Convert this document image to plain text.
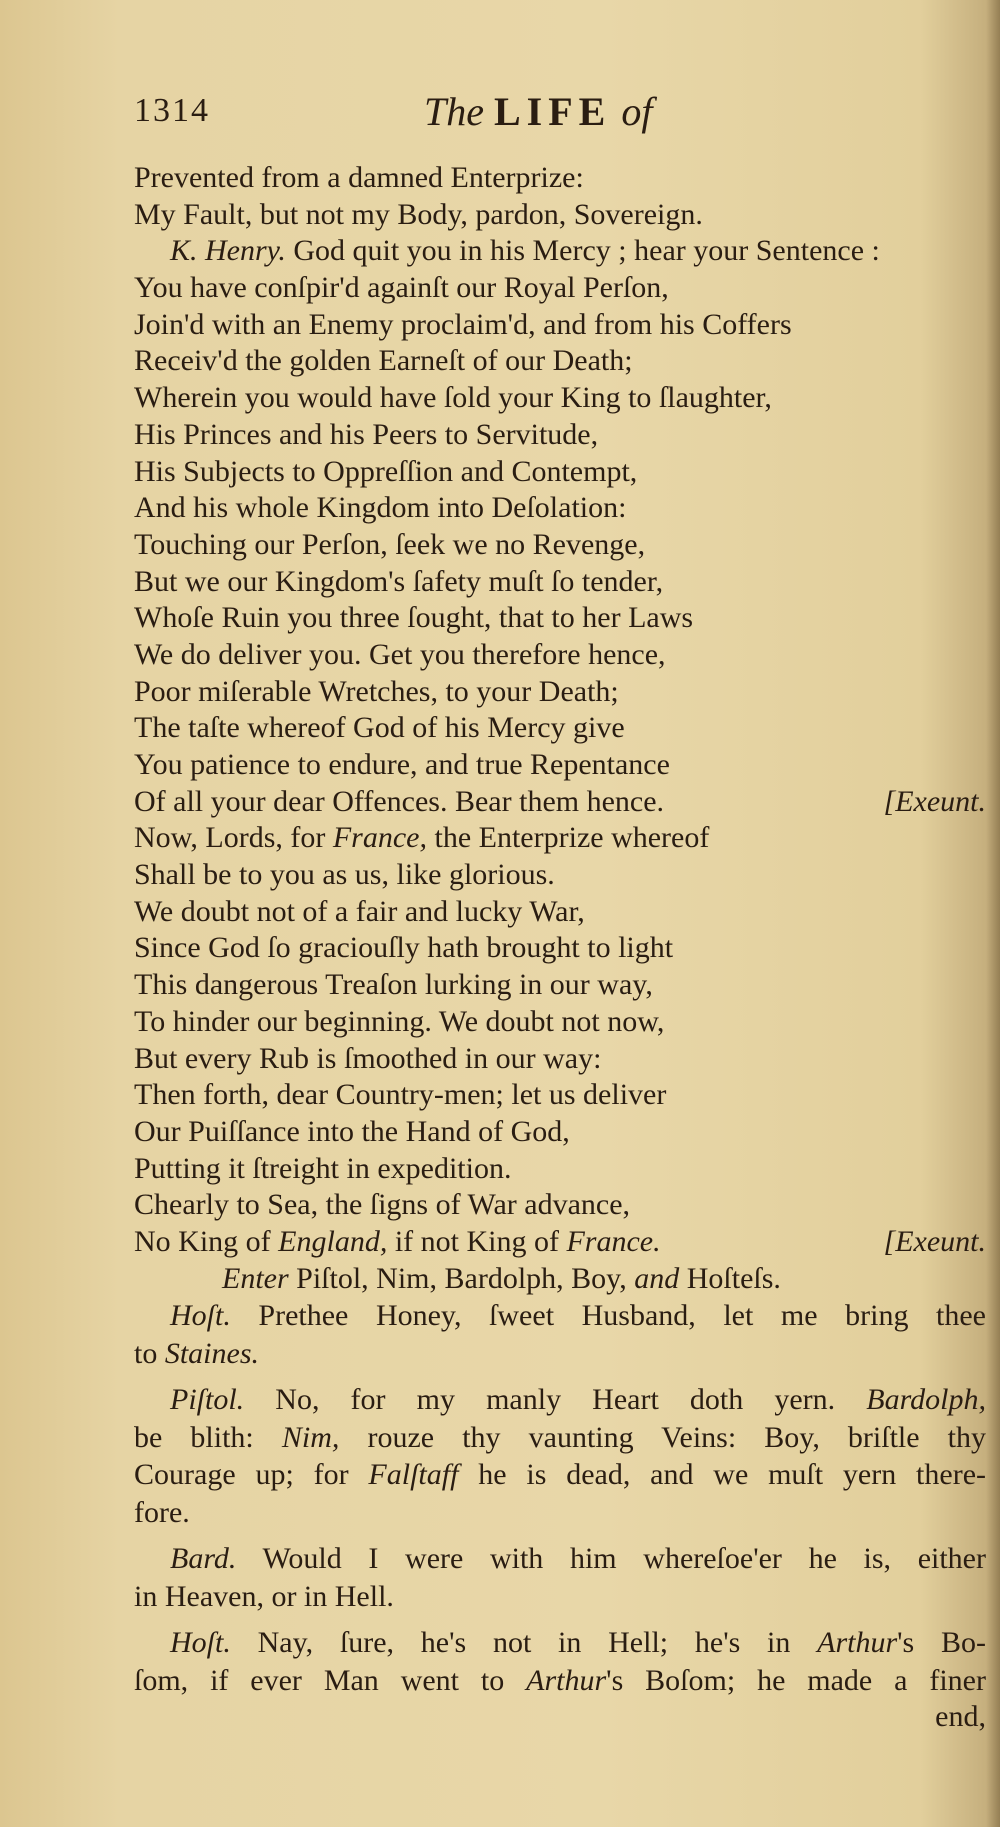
1314	The LIFE of
Prevented from a damned Enterprize:
My Fault, but not my Body, pardon, Sovereign.
K. Henry. God quit you in his Mercy ; hear your Sentence :
You have conſpir'd againſt our Royal Perſon,
Join'd with an Enemy proclaim'd, and from his Coffers
Receiv'd the golden Earneſt of our Death;
Wherein you would have ſold your King to ſlaughter,
His Princes and his Peers to Servitude,
His Subjects to Oppreſſion and Contempt,
And his whole Kingdom into Deſolation:
Touching our Perſon, ſeek we no Revenge,
But we our Kingdom's ſafety muſt ſo tender,
Whoſe Ruin you three ſought, that to her Laws
We do deliver you. Get you therefore hence,
Poor miſerable Wretches, to your Death;
The taſte whereof God of his Mercy give
You patience to endure, and true Repentance
Of all your dear Offences. Bear them hence.	[Exeunt.
Now, Lords, for France, the Enterprize whereof
Shall be to you as us, like glorious.
We doubt not of a fair and lucky War,
Since God ſo graciouſly hath brought to light
This dangerous Treaſon lurking in our way,
To hinder our beginning. We doubt not now,
But every Rub is ſmoothed in our way:
Then forth, dear Country-men; let us deliver
Our Puiſſance into the Hand of God,
Putting it ſtreight in expedition.
Chearly to Sea, the ſigns of War advance,
No King of England, if not King of France.	[Exeunt.
Enter Piſtol, Nim, Bardolph, Boy, and Hoſteſs.
Hoſt. Prethee Honey, ſweet Husband, let me bring thee
to Staines.
Piſtol. No, for my manly Heart doth yern. Bardolph,
be blith: Nim, rouze thy vaunting Veins: Boy, briſtle thy
Courage up; for Falſtaff he is dead, and we muſt yern there-
fore.
Bard. Would I were with him whereſoe'er he is, either
in Heaven, or in Hell.
Hoſt. Nay, ſure, he's not in Hell; he's in Arthur's Bo-
ſom, if ever Man went to Arthur's Boſom; he made a finer
end,
